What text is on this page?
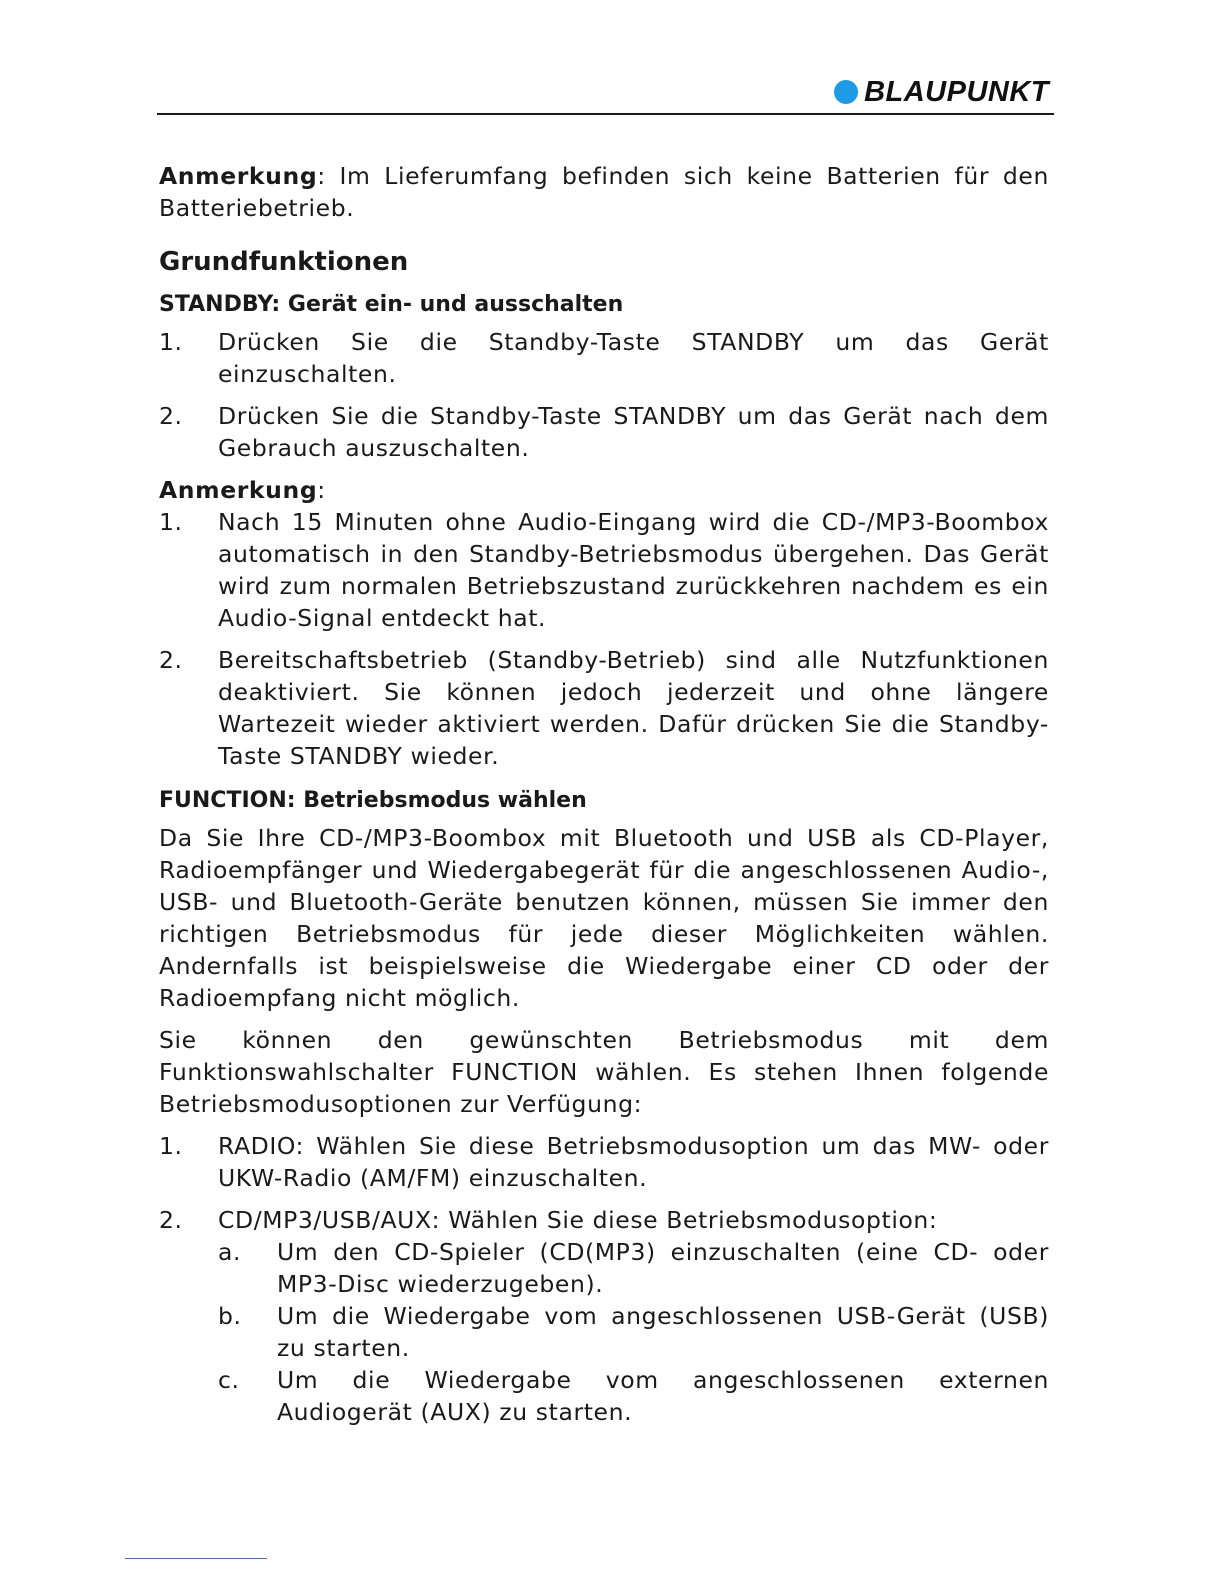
BLAUPUNKT

Anmerkung: Im Lieferumfang befinden sich keine Batterien für den Batteriebetrieb.

Grundfunktionen
STANDBY: Gerät ein- und ausschalten
1.	Drücken Sie die Standby-Taste STANDBY um das Gerät einzuschalten.
2.	Drücken Sie die Standby-Taste STANDBY um das Gerät nach dem Gebrauch auszuschalten.

Anmerkung:

1.	Nach 15 Minuten ohne Audio-Eingang wird die CD-/MP3-Boombox automatisch in den Standby-Betriebsmodus übergehen. Das Gerät wird zum normalen Betriebszustand zurückkehren nachdem es ein Audio-Signal entdeckt hat.
2.	Bereitschaftsbetrieb (Standby-Betrieb) sind alle Nutzfunktionen deaktiviert. Sie können jedoch jederzeit und ohne längere Wartezeit wieder aktiviert werden. Dafür drücken Sie die Standby-Taste STANDBY wieder.
FUNCTION: Betriebsmodus wählen

Da Sie Ihre CD-/MP3-Boombox mit Bluetooth und USB als CD-Player, Radioempfänger und Wiedergabegerät für die angeschlossenen Audio-, USB- und Bluetooth-Geräte benutzen können, müssen Sie immer den richtigen Betriebsmodus für jede dieser Möglichkeiten wählen. Andernfalls ist beispielsweise die Wiedergabe einer CD oder der Radioempfang nicht möglich.

Sie können den gewünschten Betriebsmodus mit dem Funktionswahlschalter FUNCTION wählen. Es stehen Ihnen folgende Betriebsmodusoptionen zur Verfügung:

1.	RADIO: Wählen Sie diese Betriebsmodusoption um das MW- oder UKW-Radio (AM/FM) einzuschalten.
2.	CD/MP3/USB/AUX: Wählen Sie diese Betriebsmodusoption:
a.	Um den CD-Spieler (CD(MP3) einzuschalten (eine CD- oder MP3-Disc wiederzugeben).
b.	Um die Wiedergabe vom angeschlossenen USB-Gerät (USB) zu starten.
c.	Um die Wiedergabe vom angeschlossenen externen Audiogerät (AUX) zu starten.
